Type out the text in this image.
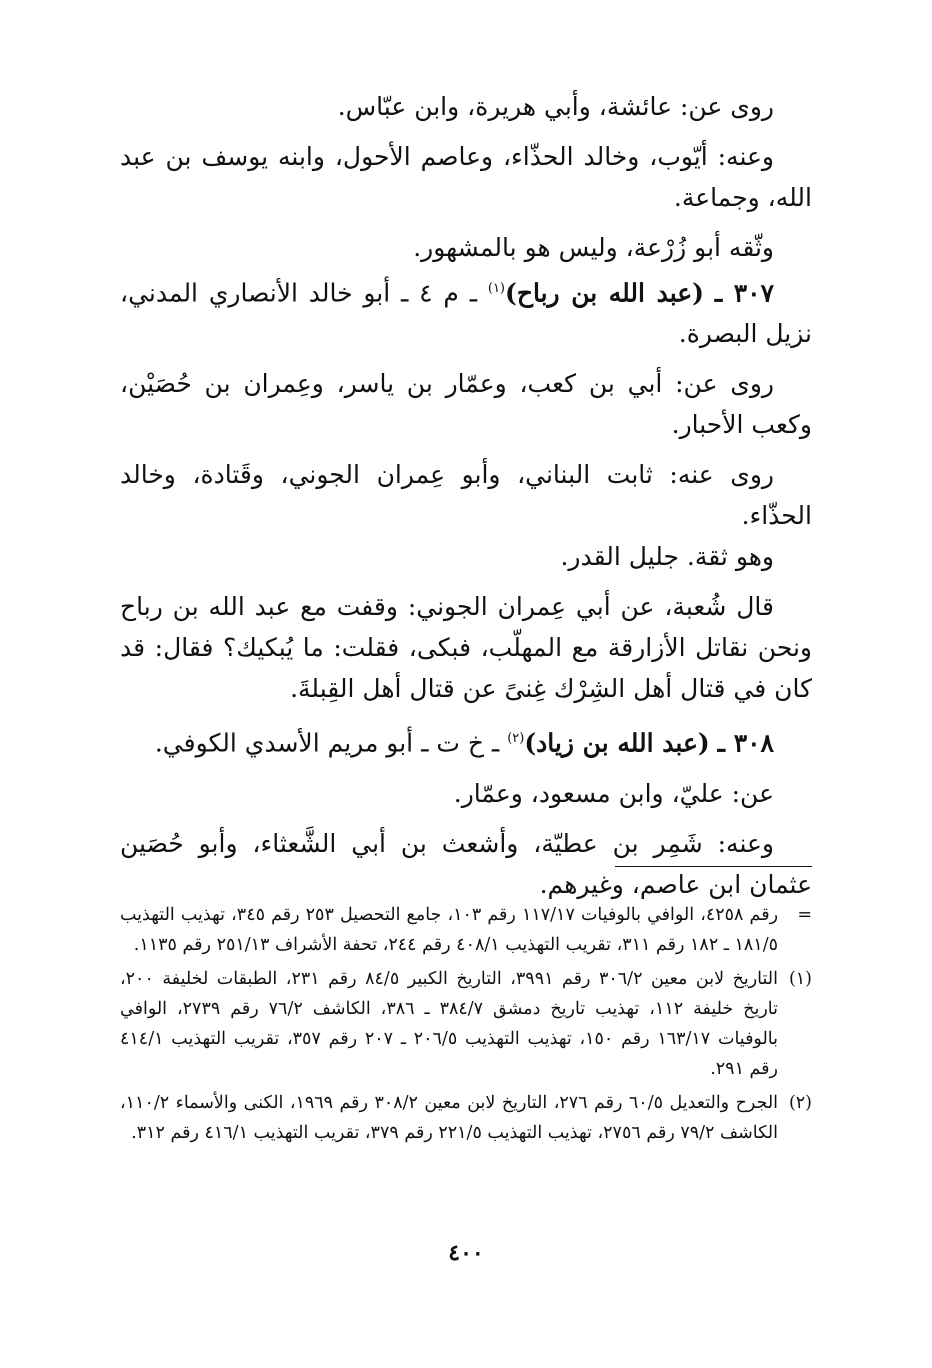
روى عن: عائشة، وأبي هريرة، وابن عبّاس.

وعنه: أيّوب، وخالد الحذّاء، وعاصم الأحول، وابنه يوسف بن عبد الله، وجماعة.

وثّقه أبو زُرْعة، وليس هو بالمشهور.

٣٠٧ ـ (عبد الله بن رباح)$^{(١)}$ ـ م ٤ ـ أبو خالد الأنصاري المدني، نزيل البصرة.

روى عن: أبي بن كعب، وعمّار بن ياسر، وعِمران بن حُصَيْن، وكعب الأحبار.

روى عنه: ثابت البناني، وأبو عِمران الجوني، وقَتادة، وخالد الحذّاء.

وهو ثقة. جليل القدر.

قال شُعبة، عن أبي عِمران الجوني: وقفت مع عبد الله بن رباح ونحن نقاتل الأزارقة مع المهلّب، فبكى، فقلت: ما يُبكيك؟ فقال: قد كان في قتال أهل الشِرْك غِنىً عن قتال أهل القِبلةَ.

٣٠٨ ـ (عبد الله بن زياد)$^{(٢)}$ ـ خ ت ـ أبو مريم الأسدي الكوفي.

عن: عليّ، وابن مسعود، وعمّار.

وعنه: شَمِر بن عطيّة، وأشعث بن أبي الشَّعثاء، وأبو حُصَين عثمان ابن عاصم، وغيرهم.

=
رقم ٤٢٥٨، الوافي بالوفيات ١١٧/١٧ رقم ١٠٣، جامع التحصيل ٢٥٣ رقم ٣٤٥، تهذيب التهذيب ١٨١/٥ ـ ١٨٢ رقم ٣١١، تقريب التهذيب ٤٠٨/١ رقم ٢٤٤، تحفة الأشراف ٢٥١/١٣ رقم ١١٣٥.
(١)
التاريخ لابن معين ٣٠٦/٢ رقم ٣٩٩١، التاريخ الكبير ٨٤/٥ رقم ٢٣١، الطبقات لخليفة ٢٠٠، تاريخ خليفة ١١٢، تهذيب تاريخ دمشق ٣٨٤/٧ ـ ٣٨٦، الكاشف ٧٦/٢ رقم ٢٧٣٩، الوافي بالوفيات ١٦٣/١٧ رقم ١٥٠، تهذيب التهذيب ٢٠٦/٥ ـ ٢٠٧ رقم ٣٥٧، تقريب التهذيب ٤١٤/١ رقم ٢٩١.
(٢)
الجرح والتعديل ٦٠/٥ رقم ٢٧٦، التاريخ لابن معين ٣٠٨/٢ رقم ١٩٦٩، الكنى والأسماء ١١٠/٢، الكاشف ٧٩/٢ رقم ٢٧٥٦، تهذيب التهذيب ٢٢١/٥ رقم ٣٧٩، تقريب التهذيب ٤١٦/١ رقم ٣١٢.
٤٠٠
